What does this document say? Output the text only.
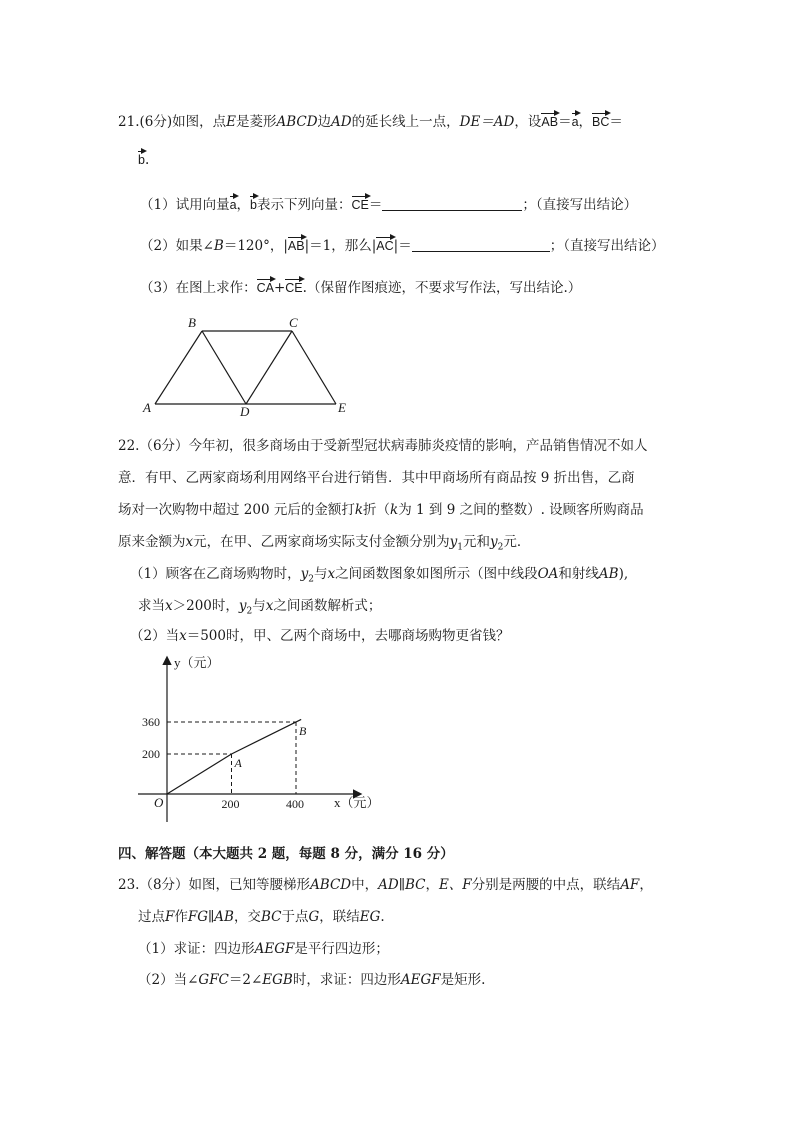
21.(6分)如图，点E是菱形ABCD边AD的延长线上一点，DE＝AD，设AB＝a，BC＝
b.
（1）试用向量a，b表示下列向量：CE＝	；（直接写出结论）
（2）如果∠B＝120°，|AB|＝1，那么|AC|＝	；（直接写出结论）
（3）在图上求作：CA+CE.（保留作图痕迹，不要求写作法，写出结论.）
A
B	C
D	E
22.（6分）今年初，很多商场由于受新型冠状病毒肺炎疫情的影响，产品销售情况不如人
意．有甲、乙两家商场利用网络平台进行销售．其中甲商场所有商品按 9 折出售，乙商
场对一次购物中超过 200 元后的金额打k折（k为 1 到 9 之间的整数）. 设顾客所购商品
原来金额为x元，在甲、乙两家商场实际支付金额分别为$y_1$元和$y_2$元．
（1）顾客在乙商场购物时，$y_2$与x之间函数图象如图所示（图中线段OA和射线AB),
求当x＞200时，$y_2$与x之间函数解析式；
（2）当x＝500时，甲、乙两个商场中，去哪商场购物更省钱？
A
B
200
360
200	400
y（元）
x（元）
O
四、解答题（本大题共 2 题，每题 8 分，满分 16 分）
23.（8分）如图，已知等腰梯形ABCD中，AD∥BC，E、F分别是两腰的中点，联结AF，
过点F作FG∥AB，交BC于点G，联结EG.
（1）求证：四边形AEGF是平行四边形；
（2）当∠GFC＝2∠EGB时，求证：四边形AEGF是矩形.
